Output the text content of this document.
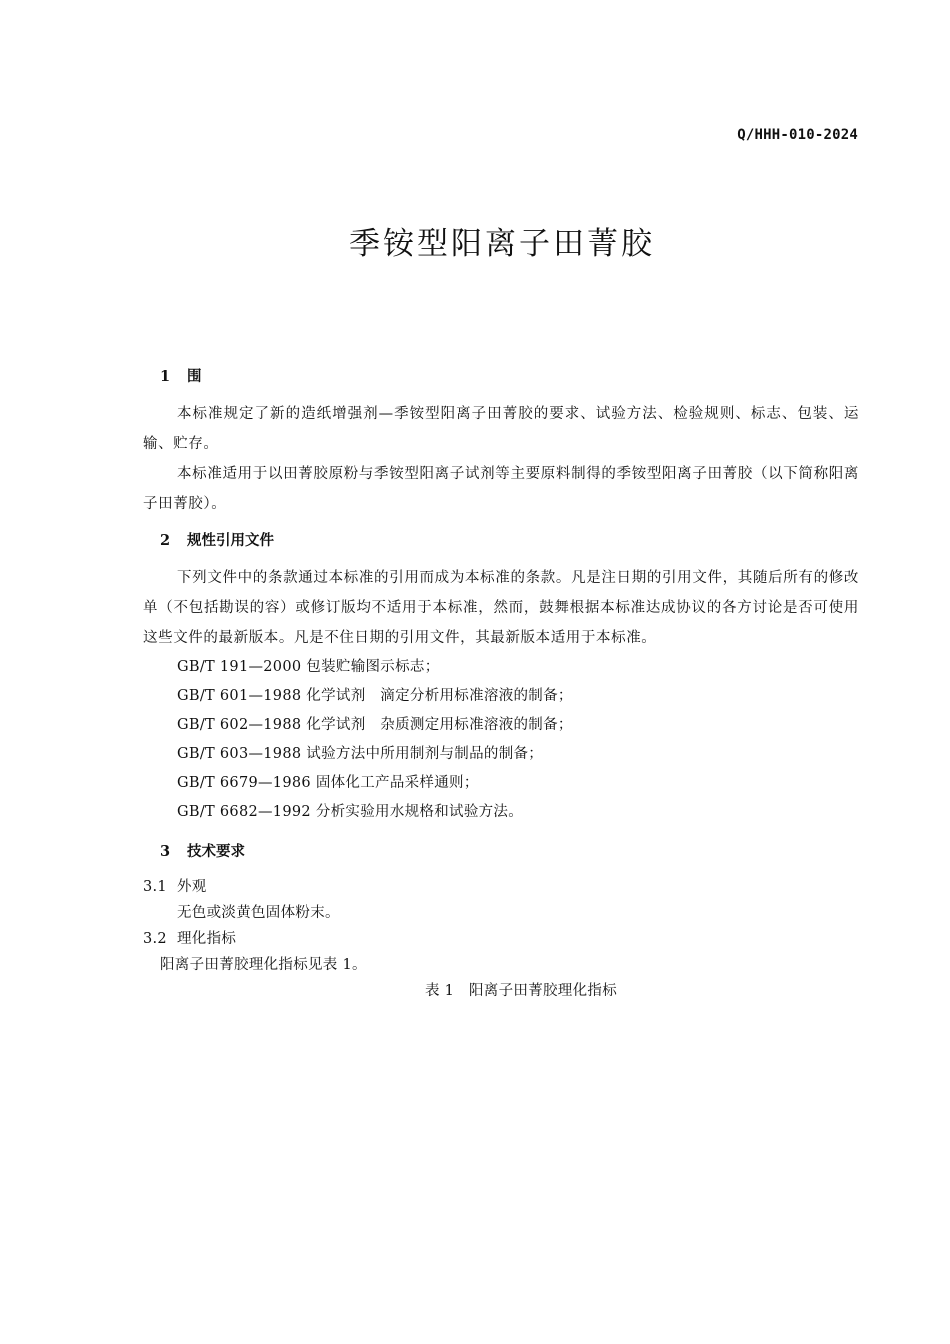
Q/HHH-010-2024
季铵型阳离子田菁胶
1 围

本标准规定了新的造纸增强剂—季铵型阳离子田菁胶的要求、试验方法、检验规则、标志、包装、运输、贮存。

本标准适用于以田菁胶原粉与季铵型阳离子试剂等主要原料制得的季铵型阳离子田菁胶（以下简称阳离子田菁胶）。

2 规性引用文件

下列文件中的条款通过本标准的引用而成为本标准的条款。凡是注日期的引用文件，其随后所有的修改单（不包括勘误的容）或修订版均不适用于本标准，然而，鼓舞根据本标准达成协议的各方讨论是否可使用这些文件的最新版本。凡是不住日期的引用文件，其最新版本适用于本标准。

GB/T 191—2000 包装贮输图示标志；

GB/T 601—1988 化学试剂　滴定分析用标准溶液的制备；

GB/T 602—1988 化学试剂　杂质测定用标准溶液的制备；

GB/T 603—1988 试验方法中所用制剂与制品的制备；

GB/T 6679—1986 固体化工产品采样通则；

GB/T 6682—1992 分析实验用水规格和试验方法。

3 技术要求

3.1 外观

无色或淡黄色固体粉末。

3.2 理化指标

阳离子田菁胶理化指标见表 1。

表 1　阳离子田菁胶理化指标
